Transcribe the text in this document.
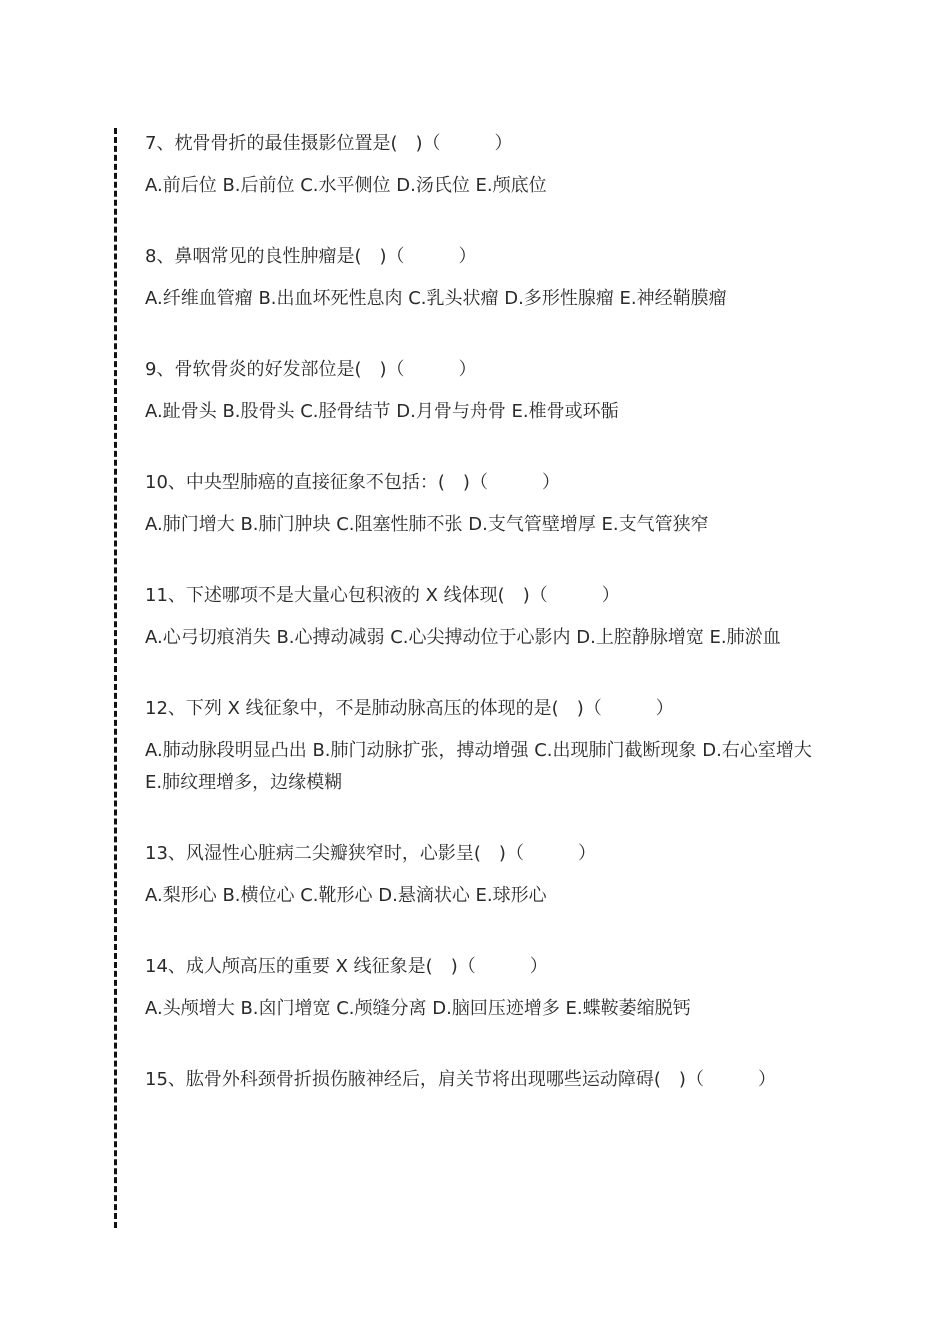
7、枕骨骨折的最佳摄影位置是(　)（　　　）

A.前后位 B.后前位 C.水平侧位 D.汤氏位 E.颅底位

8、鼻咽常见的良性肿瘤是(　)（　　　）

A.纤维血管瘤 B.出血坏死性息肉 C.乳头状瘤 D.多形性腺瘤 E.神经鞘膜瘤

9、骨软骨炎的好发部位是(　)（　　　）

A.趾骨头 B.股骨头 C.胫骨结节 D.月骨与舟骨 E.椎骨或环骺

10、中央型肺癌的直接征象不包括：(　)（　　　）

A.肺门增大 B.肺门肿块 C.阻塞性肺不张 D.支气管壁增厚 E.支气管狭窄

11、下述哪项不是大量心包积液的 X 线体现(　)（　　　）

A.心弓切痕消失 B.心搏动减弱 C.心尖搏动位于心影内 D.上腔静脉增宽 E.肺淤血

12、下列 X 线征象中，不是肺动脉高压的体现的是(　)（　　　）

A.肺动脉段明显凸出 B.肺门动脉扩张，搏动增强 C.出现肺门截断现象 D.右心室增大 E.肺纹理增多，边缘模糊

13、风湿性心脏病二尖瓣狭窄时，心影呈(　)（　　　）

A.梨形心 B.横位心 C.靴形心 D.悬滴状心 E.球形心

14、成人颅高压的重要 X 线征象是(　)（　　　）

A.头颅增大 B.囟门增宽 C.颅缝分离 D.脑回压迹增多 E.蝶鞍萎缩脱钙

15、肱骨外科颈骨折损伤腋神经后，肩关节将出现哪些运动障碍(　)（　　　）
